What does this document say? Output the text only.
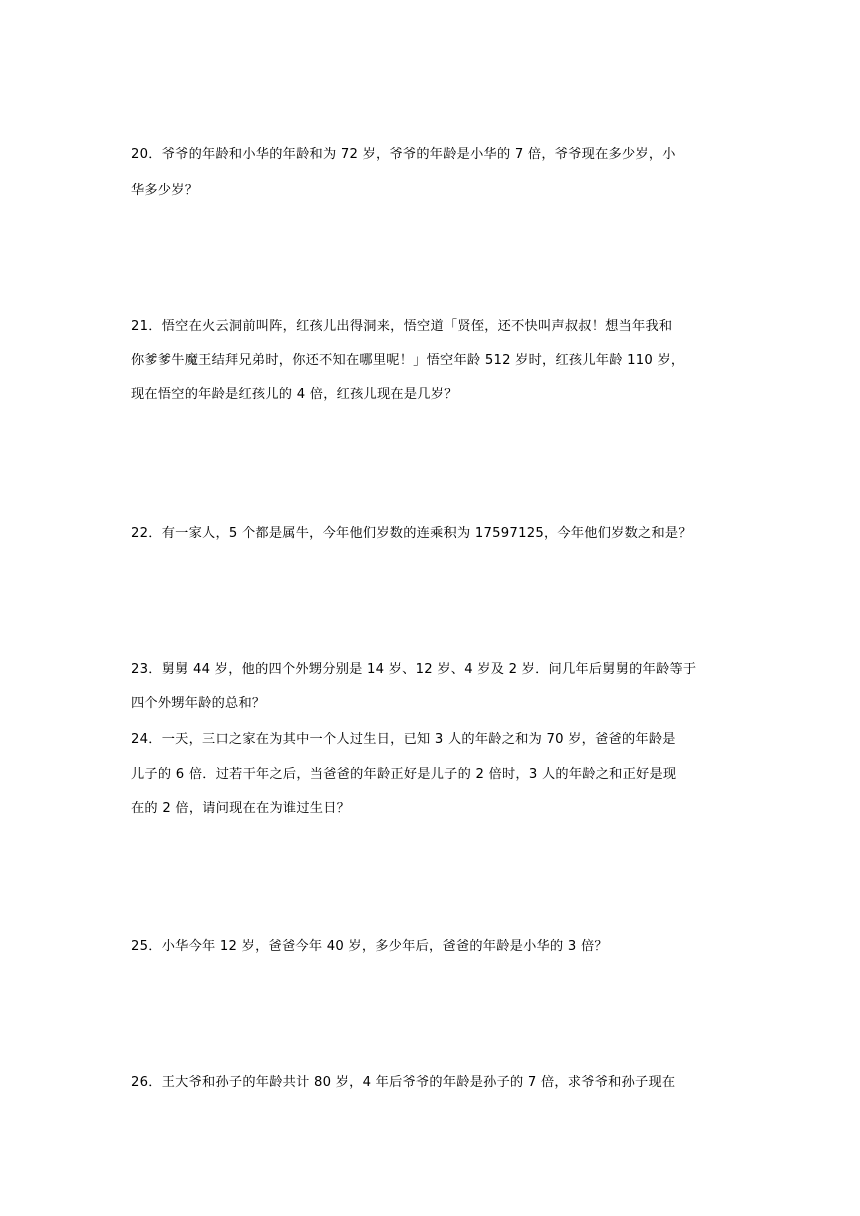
20．爷爷的年龄和小华的年龄和为 72 岁，爷爷的年龄是小华的 7 倍，爷爷现在多少岁，小
华多少岁？
21．悟空在火云洞前叫阵，红孩儿出得洞来，悟空道「贤侄，还不快叫声叔叔！想当年我和
你爹爹牛魔王结拜兄弟时，你还不知在哪里呢！」悟空年龄 512 岁时，红孩儿年龄 110 岁，
现在悟空的年龄是红孩儿的 4 倍，红孩儿现在是几岁？
22．有一家人，5 个都是属牛，今年他们岁数的连乘积为 17597125，今年他们岁数之和是？
23．舅舅 44 岁，他的四个外甥分别是 14 岁、12 岁、4 岁及 2 岁．问几年后舅舅的年龄等于
四个外甥年龄的总和？
24．一天，三口之家在为其中一个人过生日，已知 3 人的年龄之和为 70 岁，爸爸的年龄是
儿子的 6 倍．过若干年之后，当爸爸的年龄正好是儿子的 2 倍时，3 人的年龄之和正好是现
在的 2 倍，请问现在在为谁过生日？
25．小华今年 12 岁，爸爸今年 40 岁，多少年后，爸爸的年龄是小华的 3 倍？
26．王大爷和孙子的年龄共计 80 岁，4 年后爷爷的年龄是孙子的 7 倍，求爷爷和孙子现在
